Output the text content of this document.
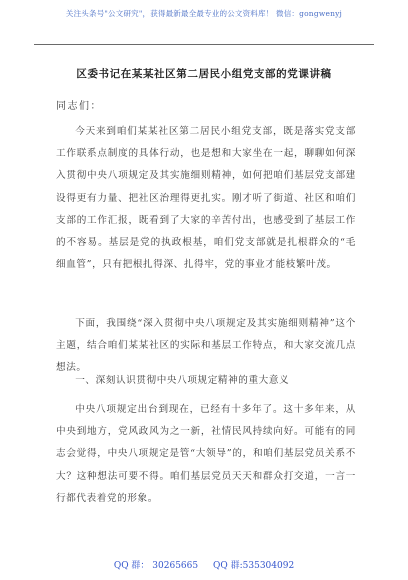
关注头条号"公文研究"，获得最新最全最专业的公文资料库！ 微信：gongwenyj
区委书记在某某社区第二居民小组党支部的党课讲稿
同志们：

今天来到咱们某某社区第二居民小组党支部，既是落实党支部工作联系点制度的具体行动，也是想和大家坐在一起，聊聊如何深入贯彻中央八项规定及其实施细则精神，如何把咱们基层党支部建设得更有力量、把社区治理得更扎实。刚才听了街道、社区和咱们支部的工作汇报，既看到了大家的辛苦付出，也感受到了基层工作的不容易。基层是党的执政根基，咱们党支部就是扎根群众的“毛细血管”，只有把根扎得深、扎得牢，党的事业才能枝繁叶茂。

下面，我围绕“深入贯彻中央八项规定及其实施细则精神”这个主题，结合咱们某某社区的实际和基层工作特点，和大家交流几点想法。

一、深刻认识贯彻中央八项规定精神的重大意义

中央八项规定出台到现在，已经有十多年了。这十多年来，从中央到地方，党风政风为之一新，社情民风持续向好。可能有的同志会觉得，中央八项规定是管“大领导”的，和咱们基层党员关系不大？这种想法可要不得。咱们基层党员天天和群众打交道，一言一行都代表着党的形象。

QQ 群： 30265665 QQ 群:535304092
